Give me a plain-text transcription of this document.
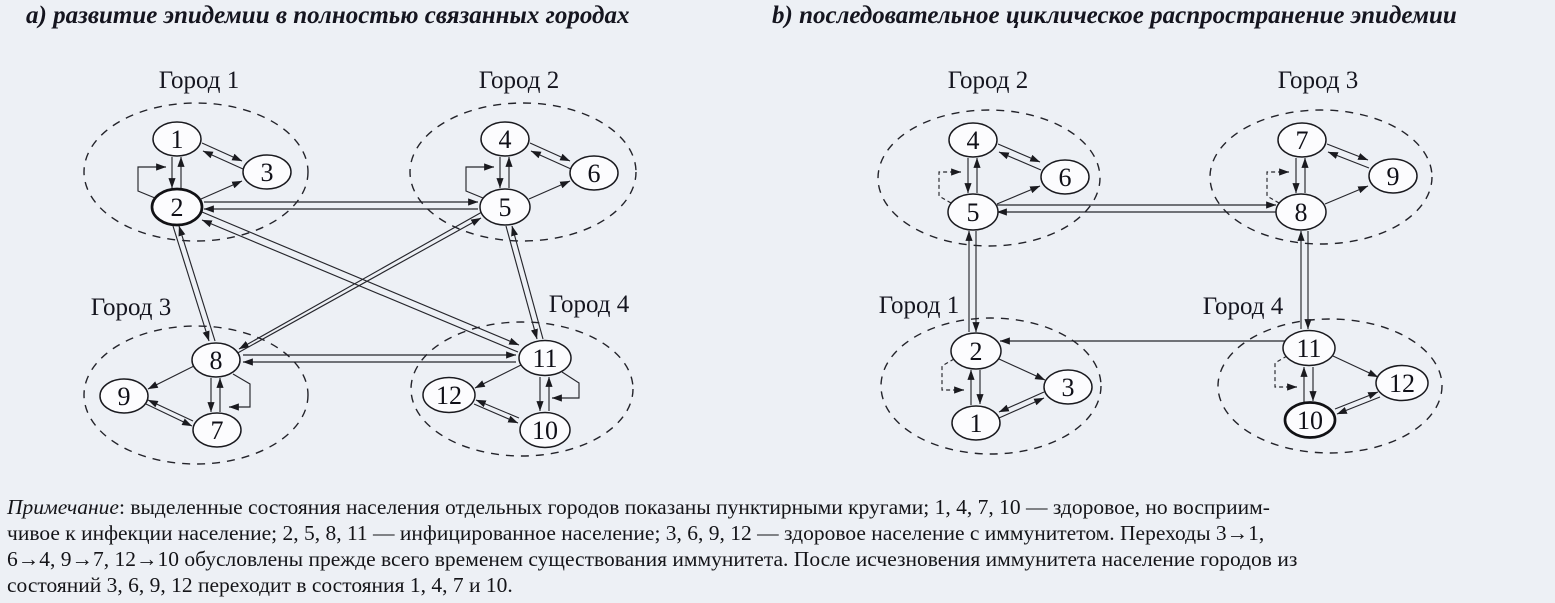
a) развитие эпидемии в полностью связанных городах	b) последовательное циклическое распространение эпидемии
Город 1
1
3
2
Город 2
4
6
5
Город 3
8
9
7
Город 4
11
12
10
Город 2
4
6
5
Город 3
7
9
8
Город 1
2
3
1
Город 4
11
12
10

Примечание: выделенные состояния населения отдельных городов показаны пунктирными кругами; 1, 4, 7, 10 — здоровое, но восприим-

чивое к инфекции население; 2, 5, 8, 11 — инфицированное население; 3, 6, 9, 12 — здоровое население с иммунитетом. Переходы 3→1,

6→4, 9→7, 12→10 обусловлены прежде всего временем существования иммунитета. После исчезновения иммунитета население городов из

состояний 3, 6, 9, 12 переходит в состояния 1, 4, 7 и 10.
